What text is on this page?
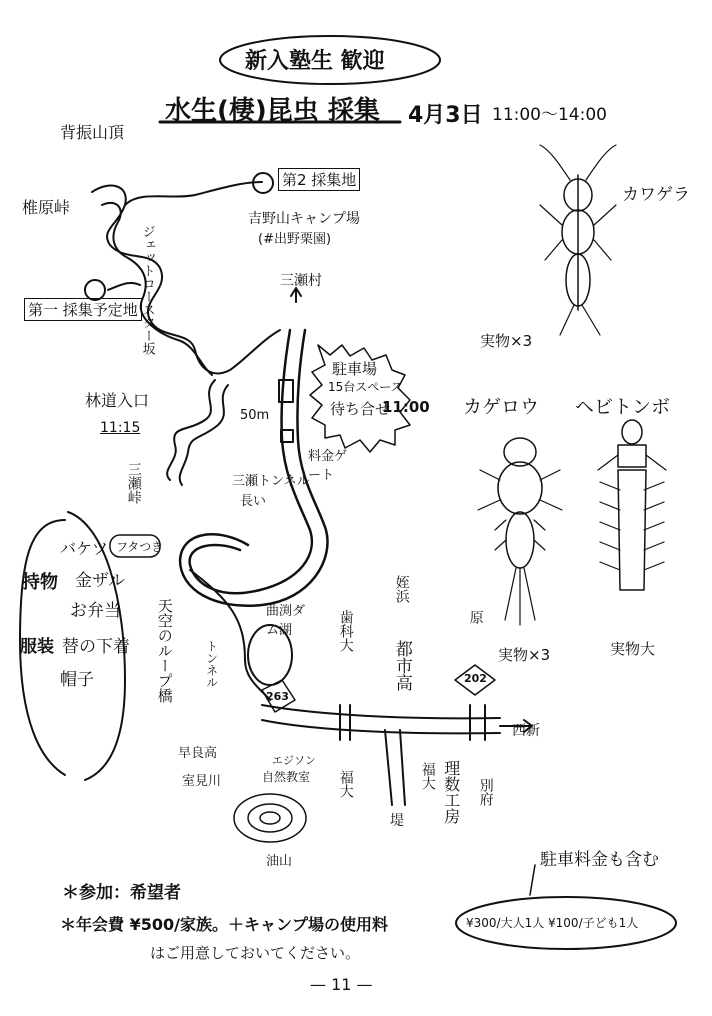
新入塾生 歓迎
水生(棲)昆虫 採集 4月3日 11:00〜14:00
背振山頂
椎原峠
第2 採集地
吉野山キャンプ場
(#出野栗園)
第一 採集予定地 ジェットコースター坂	三瀬村
駐車場
15台スペース
待ち合せ
11:00
林道入口
11:15
三瀬峠
50m
料金ゲート
三瀬トンネル
長い
天空のループ橋	トンネル
曲渕ダム湖
263
202
歯科大
福大
都市高
姪浜
原
西新
福大 理数工房 別府
堤
早良高	エジソン
自然教室
室見川
油山
バケツ フタつき
持物 金ザル
お弁当
服装 替の下着
帽子
カワゲラ
実物×3
カゲロウ
実物×3
ヘビトンボ
実物大
駐車料金も含む
＊参加：希望者
＊年会費 ¥500/家族。＋キャンプ場の使用料	¥300/大人1人 ¥100/子ども1人
はご用意しておいてください。
— 11 —
